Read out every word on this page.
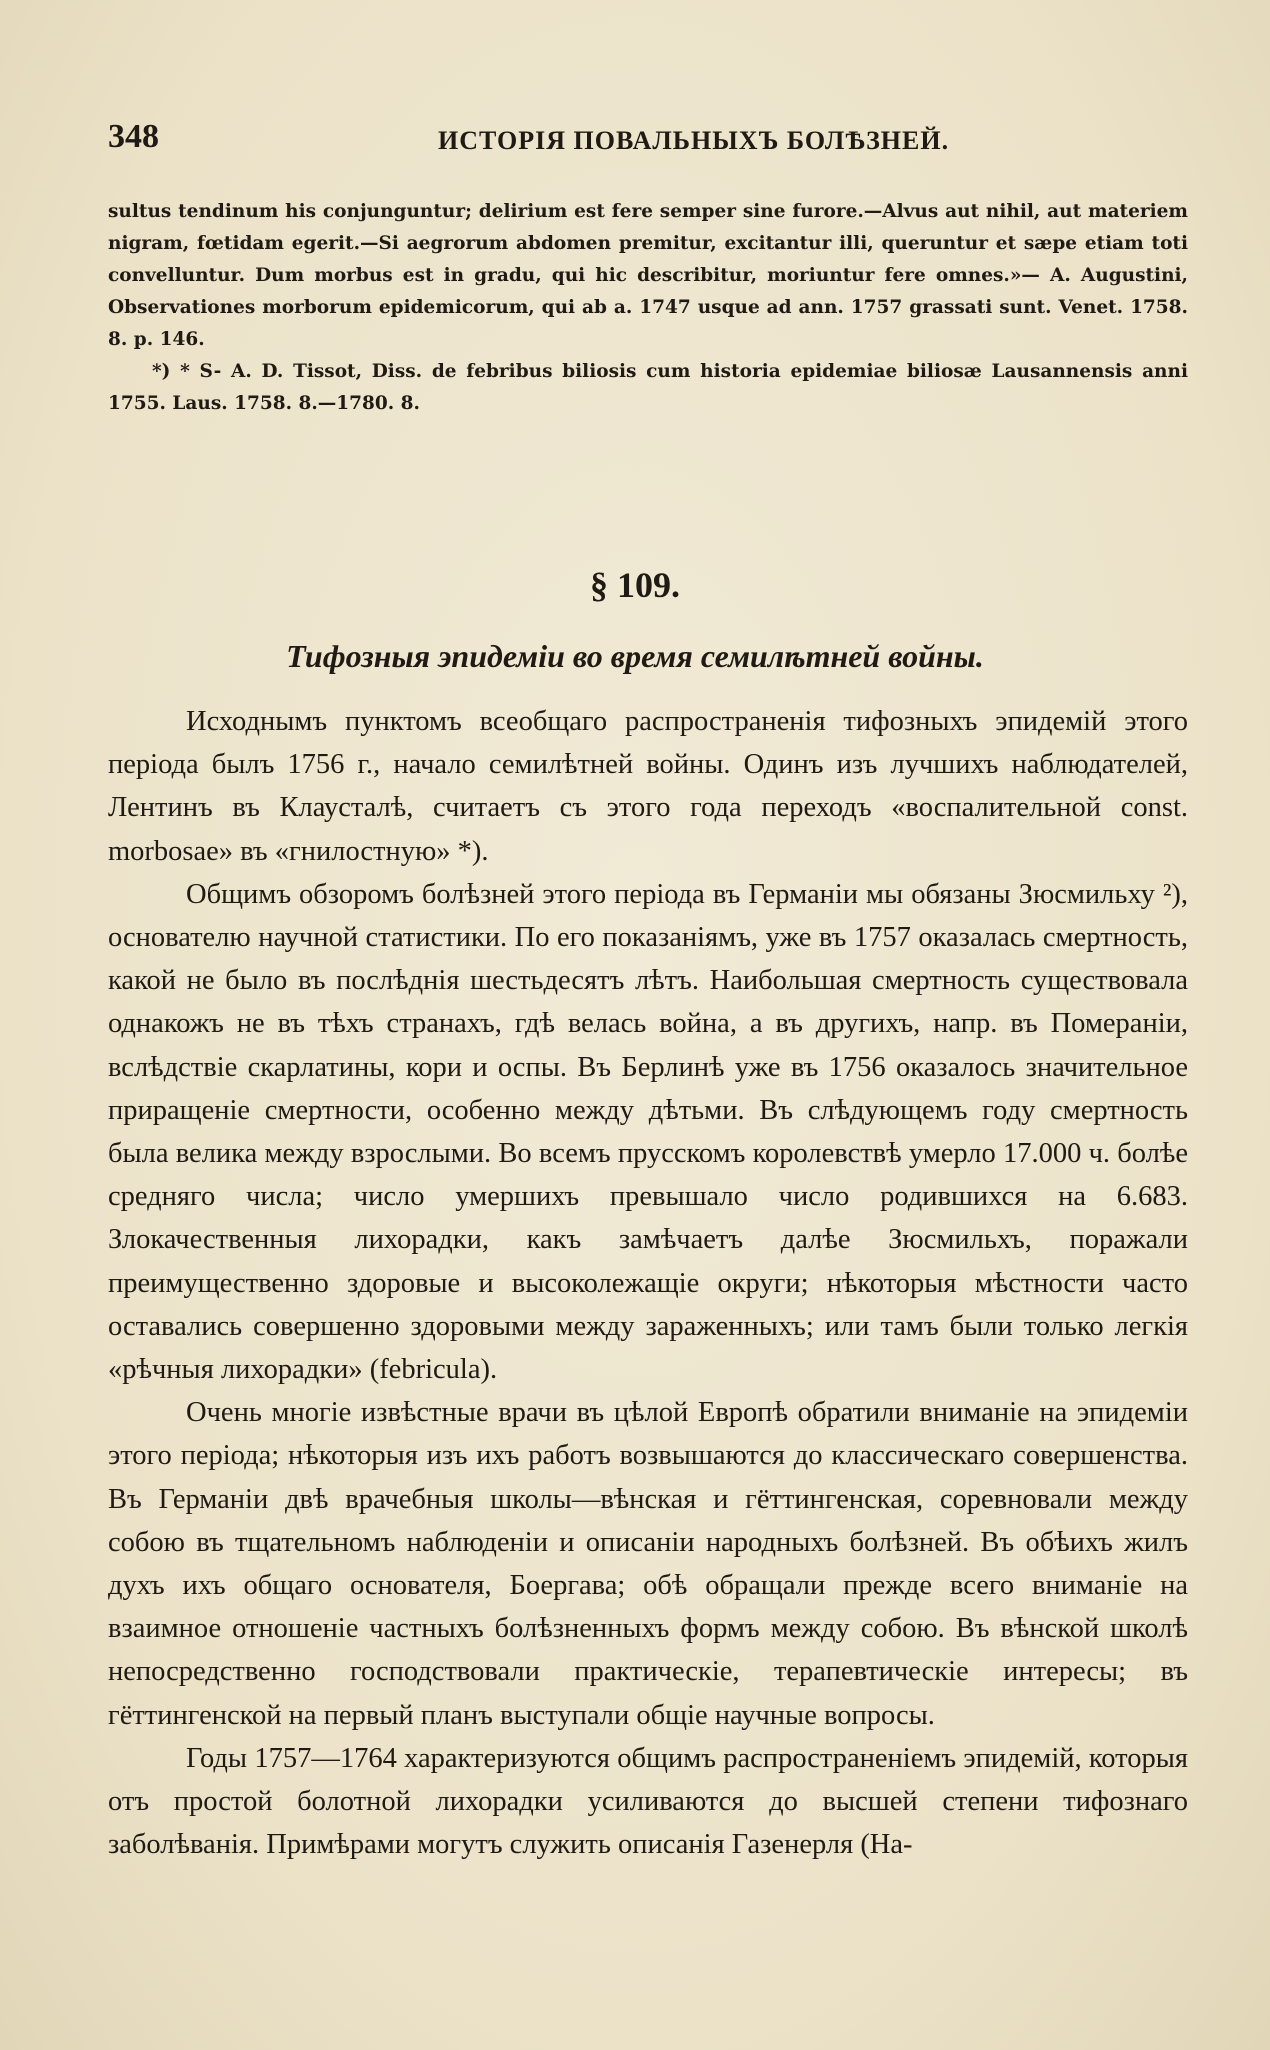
348	ИСТОРІЯ ПОВАЛЬНЫХЪ БОЛѢЗНЕЙ.

sultus tendinum his conjunguntur; delirium est fere semper sine furore.—Alvus aut nihil, aut materiem nigram, fœtidam egerit.—Si aegrorum abdomen premitur, excitantur illi, queruntur et sæpe etiam toti convelluntur. Dum morbus est in gradu, qui hic describitur, moriuntur fere omnes.»— A. Augustini, Observationes morborum epidemicorum, qui ab a. 1747 usque ad ann. 1757 grassati sunt. Venet. 1758. 8. p. 146.

*) * S- A. D. Tissot, Diss. de febribus biliosis cum historia epidemiae biliosæ Lausannensis anni 1755. Laus. 1758. 8.—1780. 8.

§ 109.
Тифозныя эпидеміи во время семилѣтней войны.

Исходнымъ пунктомъ всеобщаго распространенія тифозныхъ эпидемій этого періода былъ 1756 г., начало семилѣтней войны. Одинъ изъ лучшихъ наблюдателей, Лентинъ въ Клаусталѣ, считаетъ съ этого года переходъ «воспалительной const. morbosae» въ «гнилостную» *).

Общимъ обзоромъ болѣзней этого періода въ Германіи мы обязаны Зюсмильху ²), основателю научной статистики. По его показаніямъ, уже въ 1757 оказалась смертность, какой не было въ послѣднія шестьдесятъ лѣтъ. Наибольшая смертность существовала однакожъ не въ тѣхъ странахъ, гдѣ велась война, а въ другихъ, напр. въ Помераніи, вслѣдствіе скарлатины, кори и оспы. Въ Берлинѣ уже въ 1756 оказалось значительное приращеніе смертности, особенно между дѣтьми. Въ слѣдующемъ году смертность была велика между взрослыми. Во всемъ прусскомъ королевствѣ умерло 17.000 ч. болѣе средняго числа; число умершихъ превышало число родившихся на 6.683. Злокачественныя лихорадки, какъ замѣчаетъ далѣе Зюсмильхъ, поражали преимущественно здоровые и высоколежащіе округи; нѣкоторыя мѣстности часто оставались совершенно здоровыми между зараженныхъ; или тамъ были только легкія «рѣчныя лихорадки» (febricula).

Очень многіе извѣстные врачи въ цѣлой Европѣ обратили вниманіе на эпидеміи этого періода; нѣкоторыя изъ ихъ работъ возвышаются до классическаго совершенства. Въ Германіи двѣ врачебныя школы—вѣнская и гёттингенская, соревновали между собою въ тщательномъ наблюденіи и описаніи народныхъ болѣзней. Въ обѣихъ жилъ духъ ихъ общаго основателя, Боергава; обѣ обращали прежде всего вниманіе на взаимное отношеніе частныхъ болѣзненныхъ формъ между собою. Въ вѣнской школѣ непосредственно господствовали практическіе, терапевтическіе интересы; въ гёттингенской на первый планъ выступали общіе научные вопросы.

Годы 1757—1764 характеризуются общимъ распространеніемъ эпидемій, которыя отъ простой болотной лихорадки усиливаются до высшей степени тифознаго заболѣванія. Примѣрами могутъ служить описанія Газенерля (На-
